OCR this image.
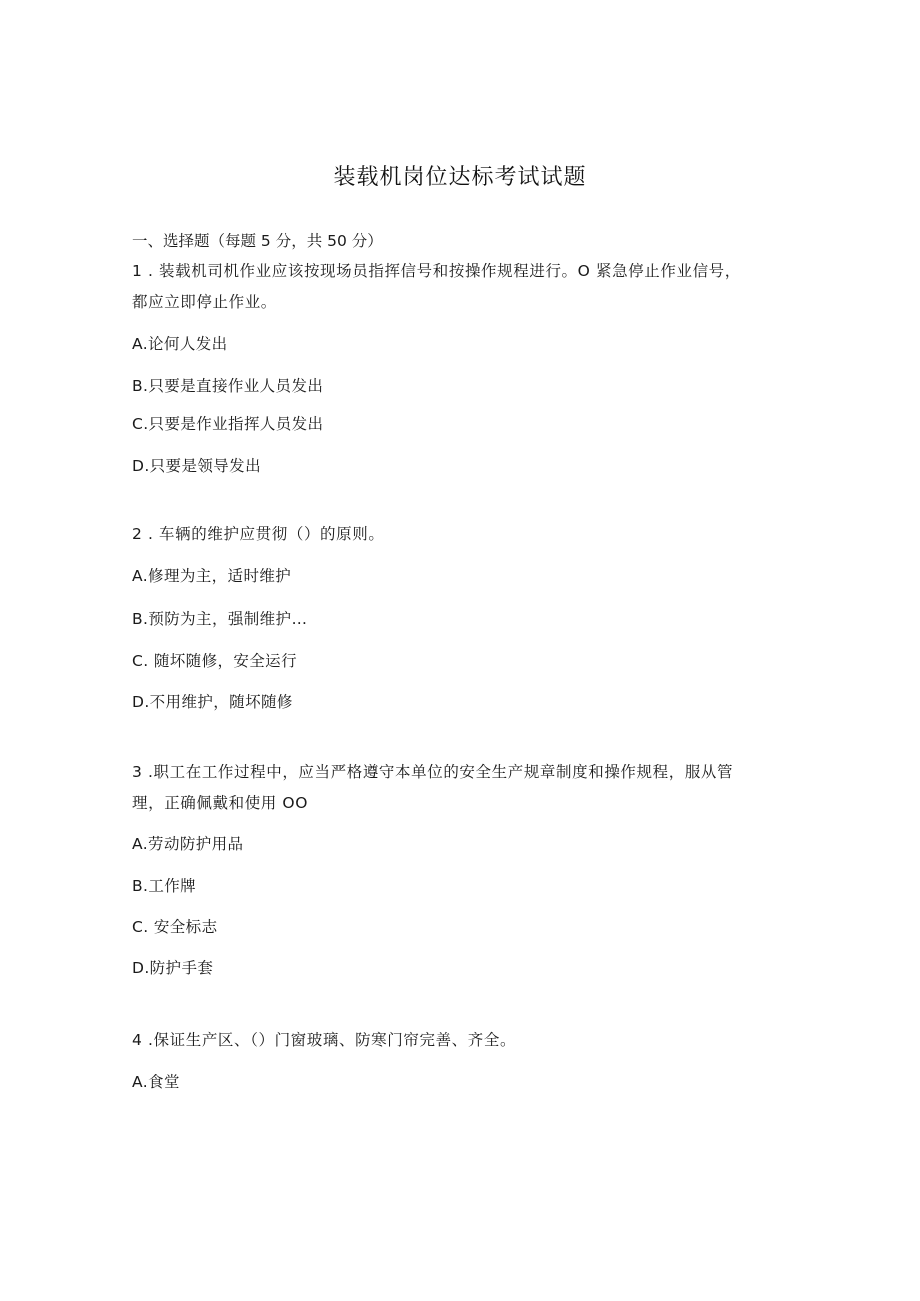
装载机岗位达标考试试题
一、选择题（每题 5 分，共 50 分）
1 . 装载机司机作业应该按现场员指挥信号和按操作规程进行。O 紧急停止作业信号，
都应立即停止作业。
A.论何人发出
B.只要是直接作业人员发出
C.只要是作业指挥人员发出
D.只要是领导发出
2 . 车辆的维护应贯彻（）的原则。
A.修理为主，适时维护
B.预防为主，强制维护…
C. 随坏随修，安全运行
D.不用维护，随坏随修
3 .职工在工作过程中，应当严格遵守本单位的安全生产规章制度和操作规程，服从管
理，正确佩戴和使用 OO
A.劳动防护用品
B.工作牌
C. 安全标志
D.防护手套
4 .保证生产区、（）门窗玻璃、防寒门帘完善、齐全。
A.食堂
